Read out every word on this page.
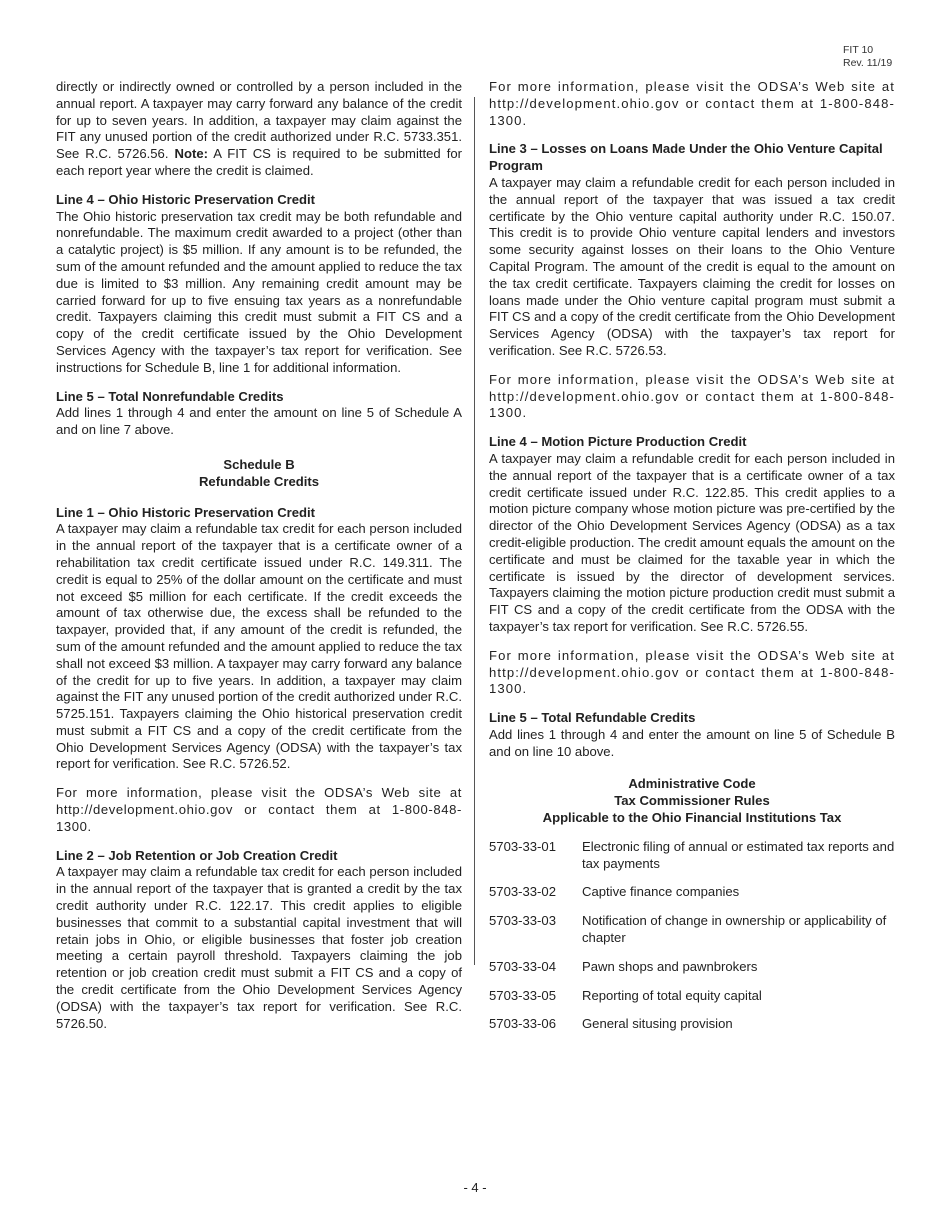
FIT 10
Rev. 11/19

directly or indirectly owned or controlled by a person included in the annual report. A taxpayer may carry forward any balance of the credit for up to seven years. In addition, a taxpayer may claim against the FIT any unused portion of the credit authorized under R.C. 5733.351. See R.C. 5726.56. Note: A FIT CS is required to be submitted for each report year where the credit is claimed.

Line 4 – Ohio Historic Preservation Credit

The Ohio historic preservation tax credit may be both refundable and nonrefundable. The maximum credit awarded to a project (other than a catalytic project) is $5 million. If any amount is to be refunded, the sum of the amount refunded and the amount applied to reduce the tax due is limited to $3 million. Any remaining credit amount may be carried forward for up to five ensuing tax years as a nonrefundable credit. Taxpayers claiming this credit must submit a FIT CS and a copy of the credit certificate issued by the Ohio Development Services Agency with the taxpayer’s tax report for verification. See instructions for Schedule B, line 1 for additional information.

Line 5 – Total Nonrefundable Credits

Add lines 1 through 4 and enter the amount on line 5 of Schedule A and on line 7 above.

Schedule B

Refundable Credits

Line 1 – Ohio Historic Preservation Credit

A taxpayer may claim a refundable tax credit for each person included in the annual report of the taxpayer that is a certificate owner of a rehabilitation tax credit certificate issued under R.C. 149.311. The credit is equal to 25% of the dollar amount on the certificate and must not exceed $5 million for each certificate. If the credit exceeds the amount of tax otherwise due, the excess shall be refunded to the taxpayer, provided that, if any amount of the credit is refunded, the sum of the amount refunded and the amount applied to reduce the tax shall not exceed $3 million. A taxpayer may carry forward any balance of the credit for up to five years. In addition, a taxpayer may claim against the FIT any unused portion of the credit authorized under R.C. 5725.151. Taxpayers claiming the Ohio historical preservation credit must submit a FIT CS and a copy of the credit certificate from the Ohio Development Services Agency (ODSA) with the taxpayer’s tax report for verification. See R.C. 5726.52.

For more information, please visit the ODSA’s Web site at http://development.ohio.gov or contact them at 1-800-848-1300.

Line 2 – Job Retention or Job Creation Credit

A taxpayer may claim a refundable tax credit for each person included in the annual report of the taxpayer that is granted a credit by the tax credit authority under R.C. 122.17. This credit applies to eligible businesses that commit to a substantial capital investment that will retain jobs in Ohio, or eligible businesses that foster job creation meeting a certain payroll threshold. Taxpayers claiming the job retention or job creation credit must submit a FIT CS and a copy of the credit certificate from the Ohio Development Services Agency (ODSA) with the taxpayer’s tax report for verification. See R.C. 5726.50.

For more information, please visit the ODSA’s Web site at http://development.ohio.gov or contact them at 1-800-848-1300.

Line 3 – Losses on Loans Made Under the Ohio Venture Capital Program

A taxpayer may claim a refundable credit for each person included in the annual report of the taxpayer that was issued a tax credit certificate by the Ohio venture capital authority under R.C. 150.07. This credit is to provide Ohio venture capital lenders and investors some security against losses on their loans to the Ohio Venture Capital Program. The amount of the credit is equal to the amount on the tax credit certificate. Taxpayers claiming the credit for losses on loans made under the Ohio venture capital program must submit a FIT CS and a copy of the credit certificate from the Ohio Development Services Agency (ODSA) with the taxpayer’s tax report for verification. See R.C. 5726.53.

For more information, please visit the ODSA’s Web site at http://development.ohio.gov or contact them at 1-800-848-1300.

Line 4 – Motion Picture Production Credit

A taxpayer may claim a refundable credit for each person included in the annual report of the taxpayer that is a certificate owner of a tax credit certificate issued under R.C. 122.85. This credit applies to a motion picture company whose motion picture was pre-certified by the director of the Ohio Development Services Agency (ODSA) as a tax credit-eligible production. The credit amount equals the amount on the certificate and must be claimed for the taxable year in which the certificate is issued by the director of development services. Taxpayers claiming the motion picture production credit must submit a FIT CS and a copy of the credit certificate from the ODSA with the taxpayer’s tax report for verification. See R.C. 5726.55.

For more information, please visit the ODSA’s Web site at http://development.ohio.gov or contact them at 1-800-848-1300.

Line 5 – Total Refundable Credits

Add lines 1 through 4 and enter the amount on line 5 of Schedule B and on line 10 above.

Administrative Code

Tax Commissioner Rules

Applicable to the Ohio Financial Institutions Tax

5703-33-01	Electronic filing of annual or estimated tax reports and tax payments
5703-33-02	Captive finance companies
5703-33-03	Notification of change in ownership or applicability of chapter
5703-33-04	Pawn shops and pawnbrokers
5703-33-05	Reporting of total equity capital
5703-33-06	General situsing provision
- 4 -
